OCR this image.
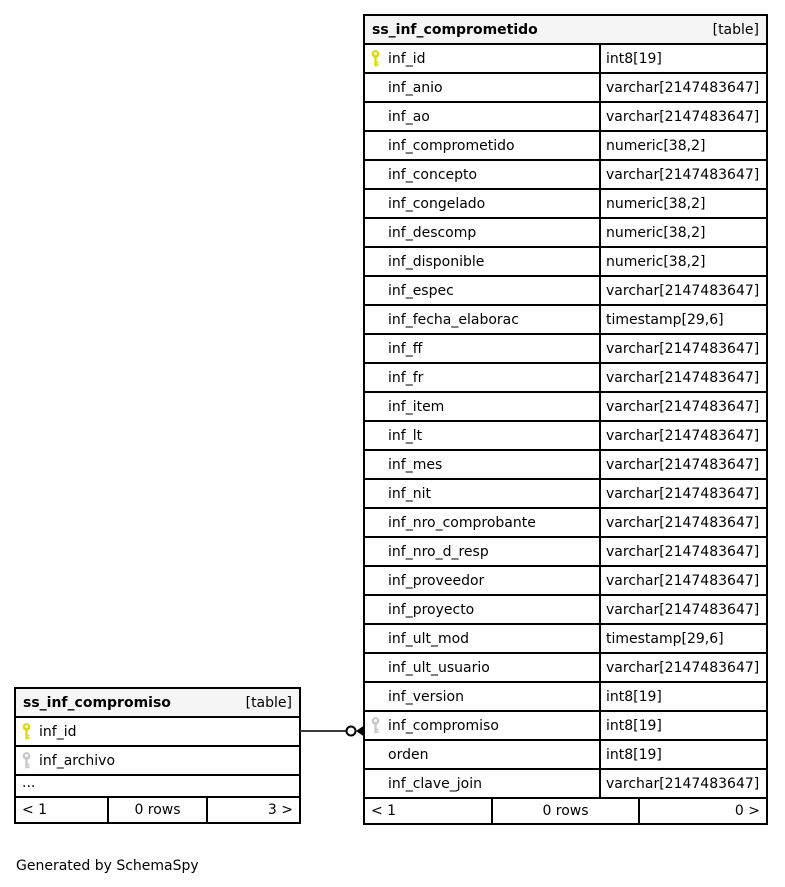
ss_inf_comprometido	[table]
inf_id	int8[19]
inf_anio	varchar[2147483647]
inf_ao	varchar[2147483647]
inf_comprometido	numeric[38,2]
inf_concepto	varchar[2147483647]
inf_congelado	numeric[38,2]
inf_descomp	numeric[38,2]
inf_disponible	numeric[38,2]
inf_espec	varchar[2147483647]
inf_fecha_elaborac	timestamp[29,6]
inf_ff	varchar[2147483647]
inf_fr	varchar[2147483647]
inf_item	varchar[2147483647]
inf_lt	varchar[2147483647]
inf_mes	varchar[2147483647]
inf_nit	varchar[2147483647]
inf_nro_comprobante	varchar[2147483647]
inf_nro_d_resp	varchar[2147483647]
inf_proveedor	varchar[2147483647]
inf_proyecto	varchar[2147483647]
inf_ult_mod	timestamp[29,6]
inf_ult_usuario	varchar[2147483647]
inf_version	int8[19]
inf_compromiso	int8[19]
orden	int8[19]
inf_clave_join	varchar[2147483647]
< 1	0 rows	0 >
ss_inf_compromiso	[table]
inf_id
inf_archivo
...
< 1	0 rows	3 >
Generated by SchemaSpy
